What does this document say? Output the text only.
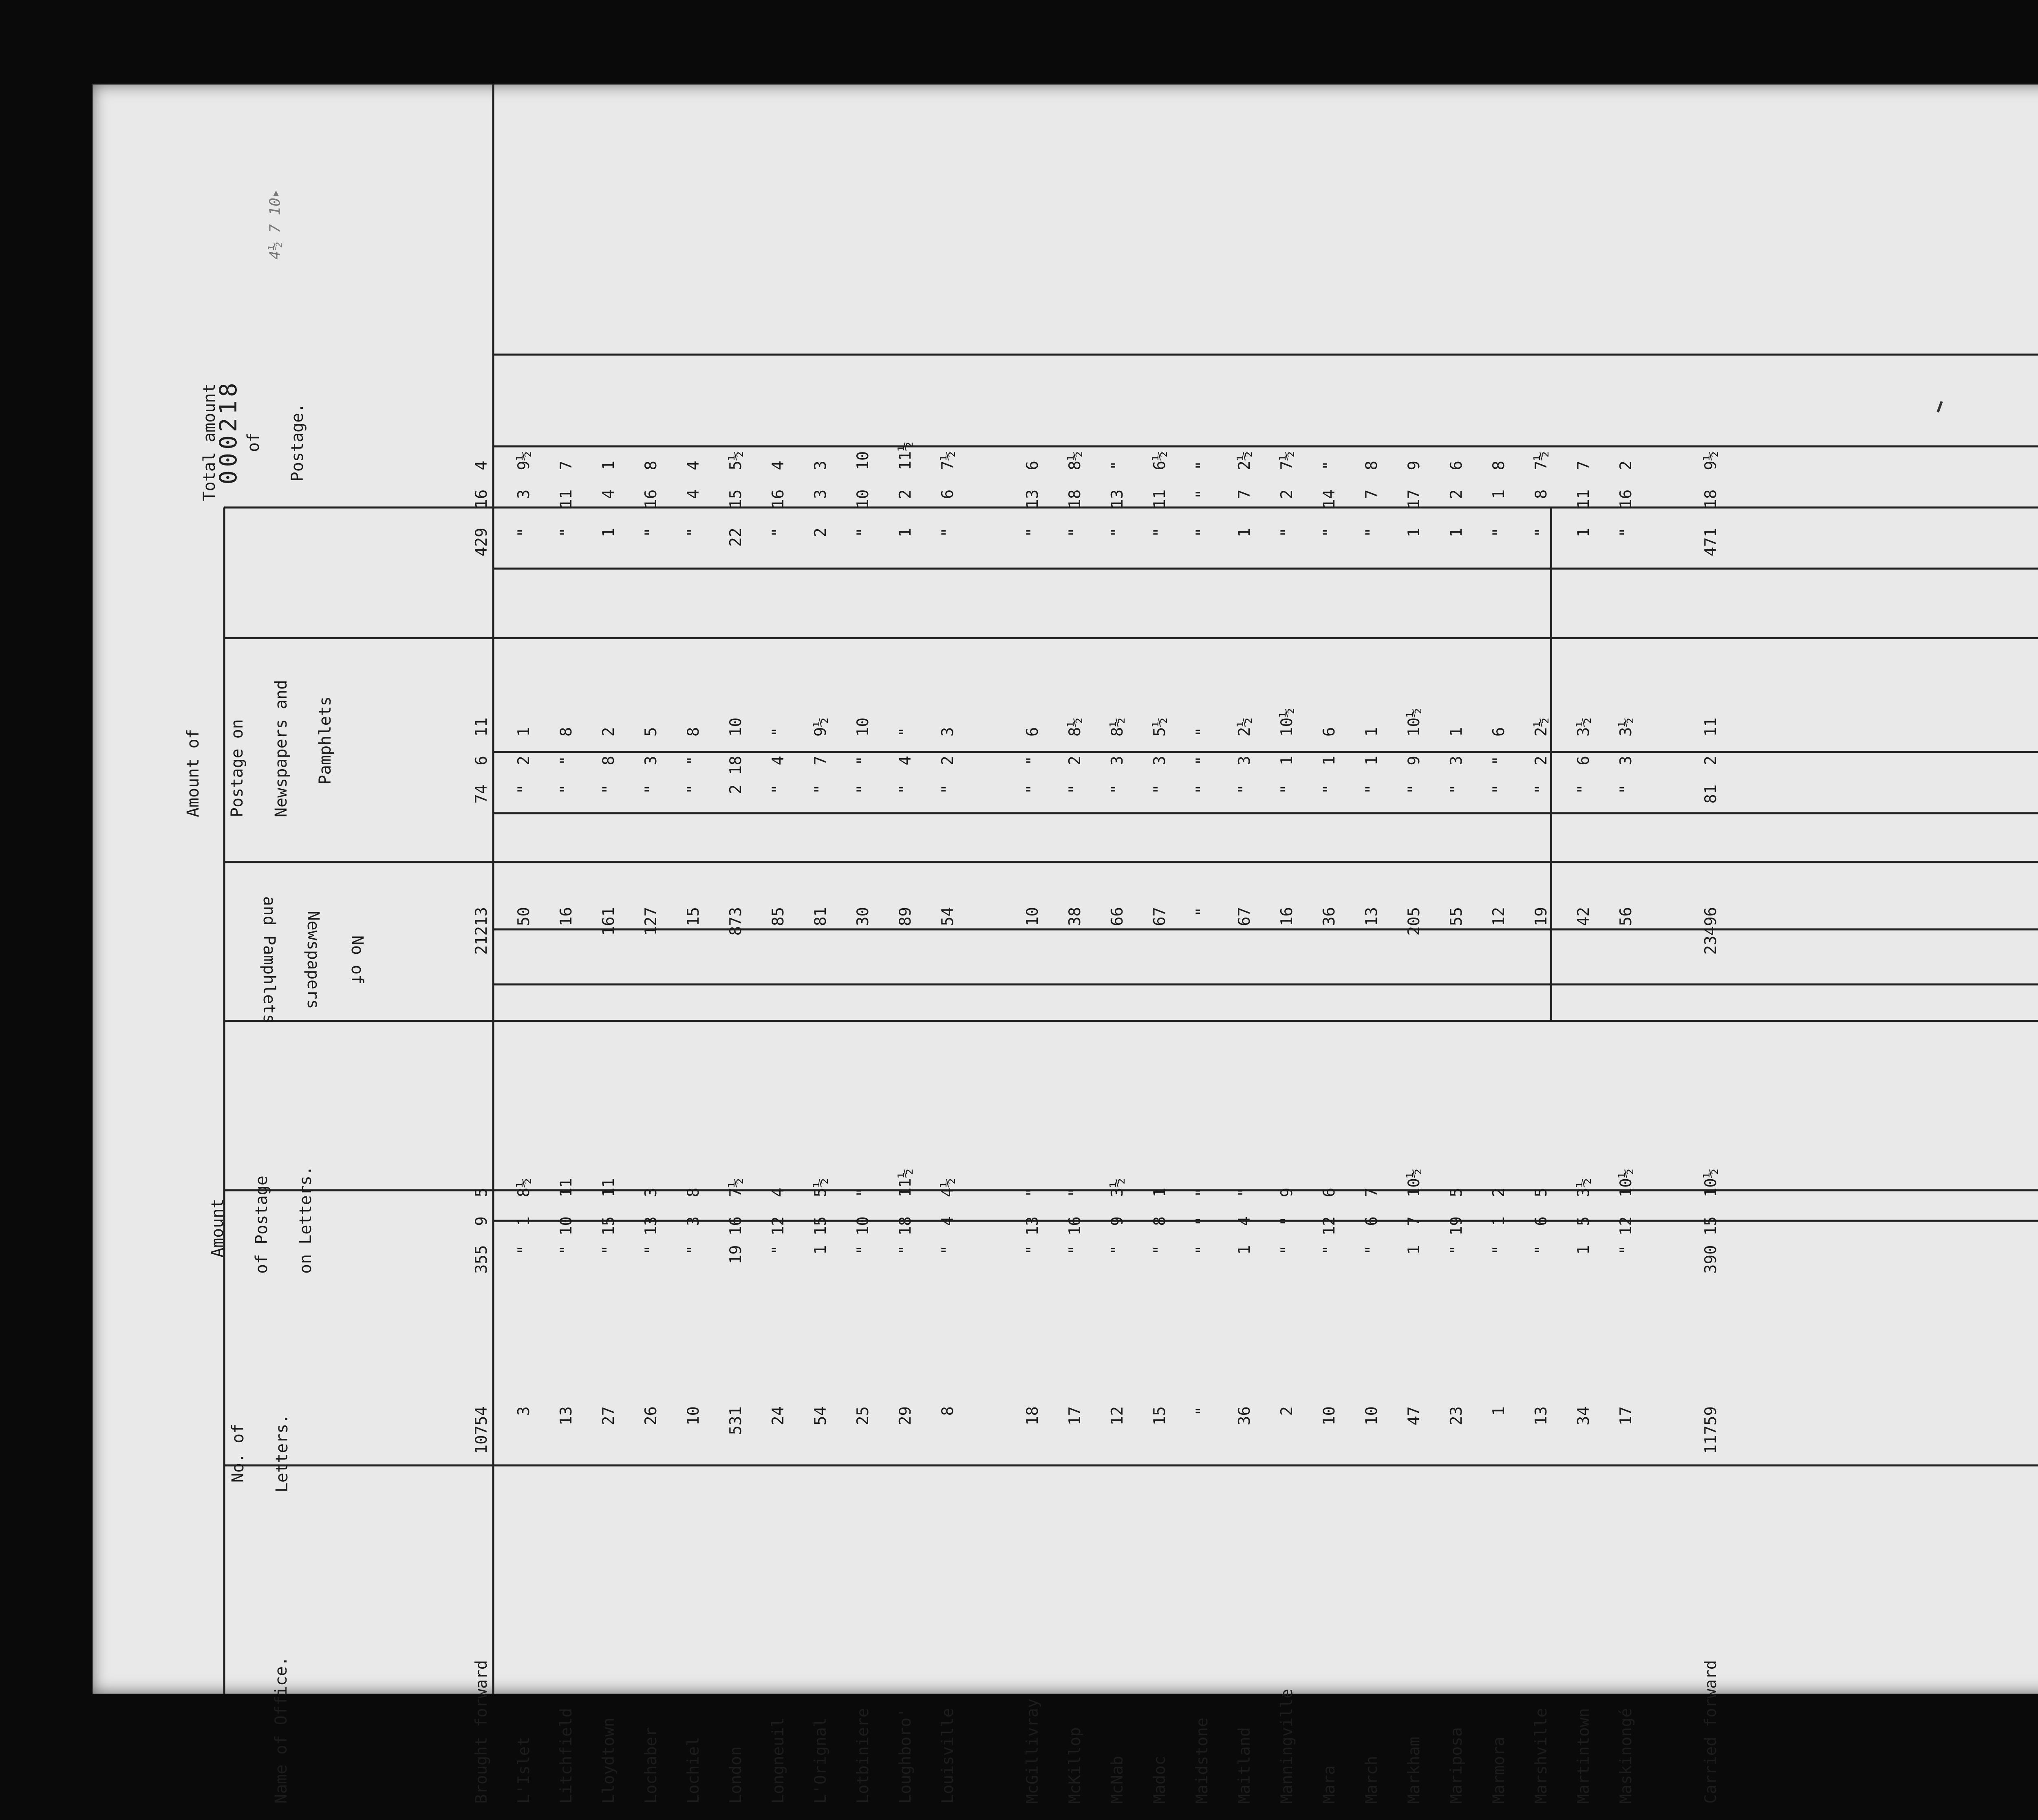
Name of Office.
No. of	Letters.
Amount	of Postage	on Letters.
No of Newspapers
and Pamphlets
Amount of	Postage on	Newspapers and	Pamphlets
Total amount	of	Postage.
Brought forward
10754
355  9  5
21213
74  6  11
429  16  4
L'Islet
3
"  1  8½
50
"  2  1
"   3  9½
Litchfield
13
" 10  11
16
"  "  8
"  11  7
Lloydtown
27
" 15  11
161
"  8  2
1   4  1
Lochaber
26
" 13  3
127
"  3  5
"  16  8
Lochiel
10
"  3  8
15
"  "  8
"   4  4
London
531
19 16  7½
873
2 18  10
22  15  5½
Longneuil
24
" 12  4
85
"  4  "
"  16  4
L'Orignal
54
1 15  5½
81
"  7  9½
2   3  3
Lotbiniere
25
" 10  "
30
"  "  10
"  10  10
Loughboro'
29
" 18  11½
89
"  4  "
1   2  11½
Louisville
8
"  4  4½
54
"  2  3
"   6  7½
McGillivray
18
" 13  "
10
"  "  6
"  13  6
McKillop
17
" 16  "
38
"  2  8½
"  18  8½
McNab
12
"  9  3½
66
"  3  8½
"  13  "
Madoc
15
"  8  1
67
"  3  5½
"  11  6½
Maidstone
"
"  "  "
"
"  "  "
"   "  "
Maitland
36
1  4  "
67
"  3  2½
1   7  2½
Manningville
2
"  "  9
16
"  1  10½
"   2  7½
Mara
10
" 12  6
36
"  1  6
"  14  "
March
10
"  6  7
13
"  1  1
"   7  8
Markham
47
1  7  10½
205
"  9  10½
1  17  9
Mariposa
23
" 19  5
55
"  3  1
1   2  6
Marmora
1
"  1  2
12
"  "  6
"   1  8
Marshville
13
"  6  5
19
"  2  2½
"   8  7½
Martintown
34
1  5  3½
42
"  6  3½
1  11  7
Maskinongé
17
" 12  10½
56
"  3  3½
"  16  2
Carried forward
11759
390 15  10½
23496
81  2  11
471  18  9½
000218
4½ 7 10▸
